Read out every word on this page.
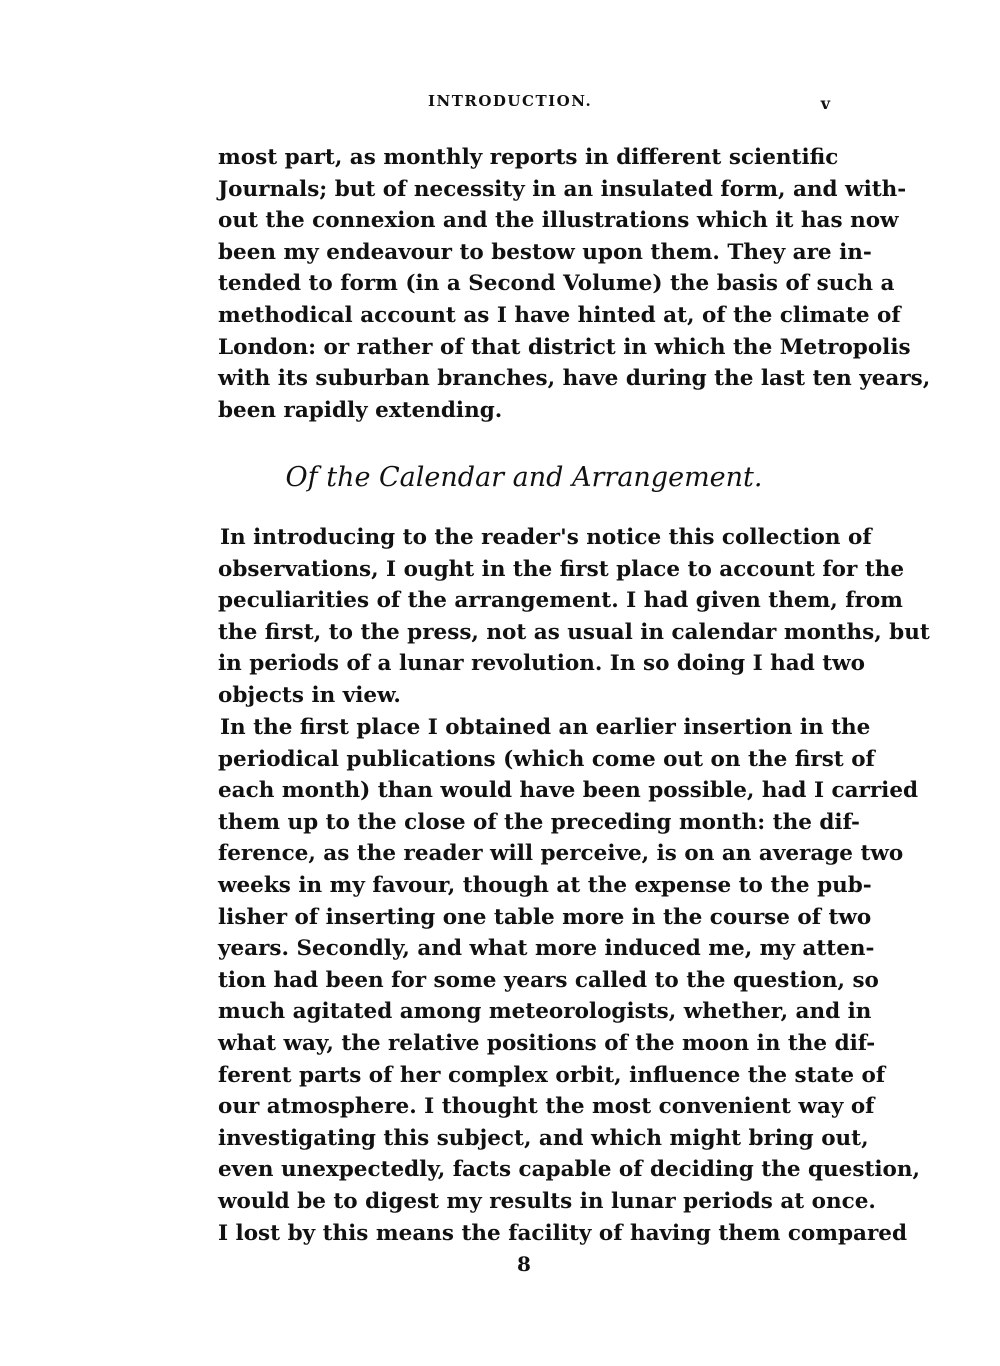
INTRODUCTION.	v
most part, as monthly reports in different scientific
Journals; but of necessity in an insulated form, and with-
out the connexion and the illustrations which it has now
been my endeavour to bestow upon them. They are in-
tended to form (in a Second Volume) the basis of such a
methodical account as I have hinted at, of the climate of
London: or rather of that district in which the Metropolis
with its suburban branches, have during the last ten years,
been rapidly extending.
Of the Calendar and Arrangement.
In introducing to the reader's notice this collection of
observations, I ought in the first place to account for the
peculiarities of the arrangement. I had given them, from
the first, to the press, not as usual in calendar months, but
in periods of a lunar revolution. In so doing I had two
objects in view.
In the first place I obtained an earlier insertion in the
periodical publications (which come out on the first of
each month) than would have been possible, had I carried
them up to the close of the preceding month: the dif-
ference, as the reader will perceive, is on an average two
weeks in my favour, though at the expense to the pub-
lisher of inserting one table more in the course of two
years. Secondly, and what more induced me, my atten-
tion had been for some years called to the question, so
much agitated among meteorologists, whether, and in
what way, the relative positions of the moon in the dif-
ferent parts of her complex orbit, influence the state of
our atmosphere. I thought the most convenient way of
investigating this subject, and which might bring out,
even unexpectedly, facts capable of deciding the question,
would be to digest my results in lunar periods at once.
I lost by this means the facility of having them compared
8
